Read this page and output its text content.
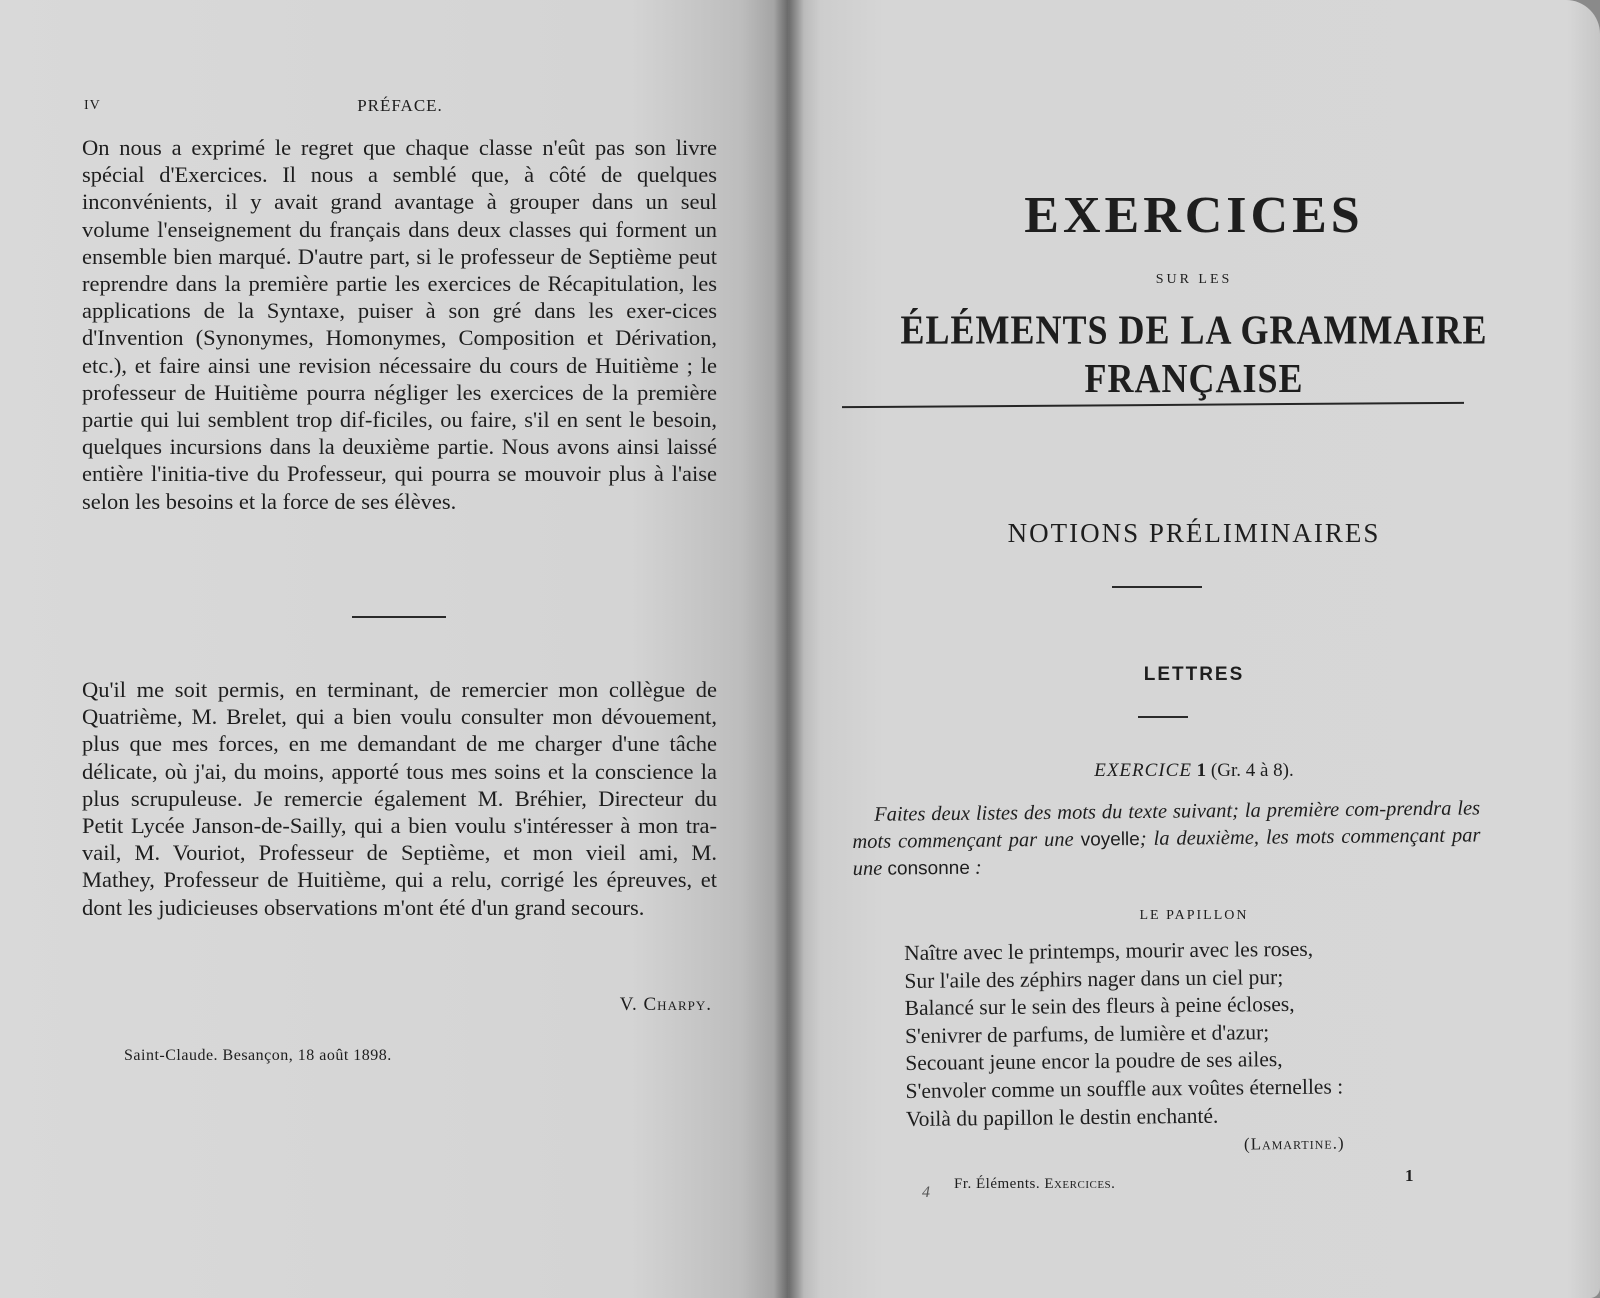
IV	PRÉFACE.

On nous a exprimé le regret que chaque classe n'eût pas son livre spécial d'Exercices. Il nous a semblé que, à côté de quelques inconvénients, il y avait grand avantage à grouper dans un seul volume l'enseignement du français dans deux classes qui forment un ensemble bien marqué. D'autre part, si le professeur de Septième peut reprendre dans la première partie les exercices de Récapitulation, les applications de la Syntaxe, puiser à son gré dans les exer-cices d'Invention (Synonymes, Homonymes, Composition et Dérivation, etc.), et faire ainsi une revision nécessaire du cours de Huitième ; le professeur de Huitième pourra négliger les exercices de la première partie qui lui semblent trop dif-ficiles, ou faire, s'il en sent le besoin, quelques incursions dans la deuxième partie. Nous avons ainsi laissé entière l'initia-tive du Professeur, qui pourra se mouvoir plus à l'aise selon les besoins et la force de ses élèves.

Qu'il me soit permis, en terminant, de remercier mon collègue de Quatrième, M. Brelet, qui a bien voulu consulter mon dévouement, plus que mes forces, en me demandant de me charger d'une tâche délicate, où j'ai, du moins, apporté tous mes soins et la conscience la plus scrupuleuse. Je remercie également M. Bréhier, Directeur du Petit Lycée Janson-de-Sailly, qui a bien voulu s'intéresser à mon tra-vail, M. Vouriot, Professeur de Septième, et mon vieil ami, M. Mathey, Professeur de Huitième, qui a relu, corrigé les épreuves, et dont les judicieuses observations m'ont été d'un grand secours.

V. Charpy.
Saint-Claude. Besançon, 18 août 1898.
EXERCICES
SUR LES
ÉLÉMENTS DE LA GRAMMAIRE FRANÇAISE
NOTIONS PRÉLIMINAIRES
LETTRES
EXERCICE 1 (Gr. 4 à 8).

Faites deux listes des mots du texte suivant; la première com-prendra les mots commençant par une voyelle; la deuxième, les mots commençant par une consonne :

LE PAPILLON
Naître avec le printemps, mourir avec les roses,
Sur l'aile des zéphirs nager dans un ciel pur;
Balancé sur le sein des fleurs à peine écloses,
S'enivrer de parfums, de lumière et d'azur;
Secouant jeune encor la poudre de ses ailes,
S'envoler comme un souffle aux voûtes éternelles :
Voilà du papillon le destin enchanté.
(Lamartine.)
4 Fr. Éléments. Exercices.	1
